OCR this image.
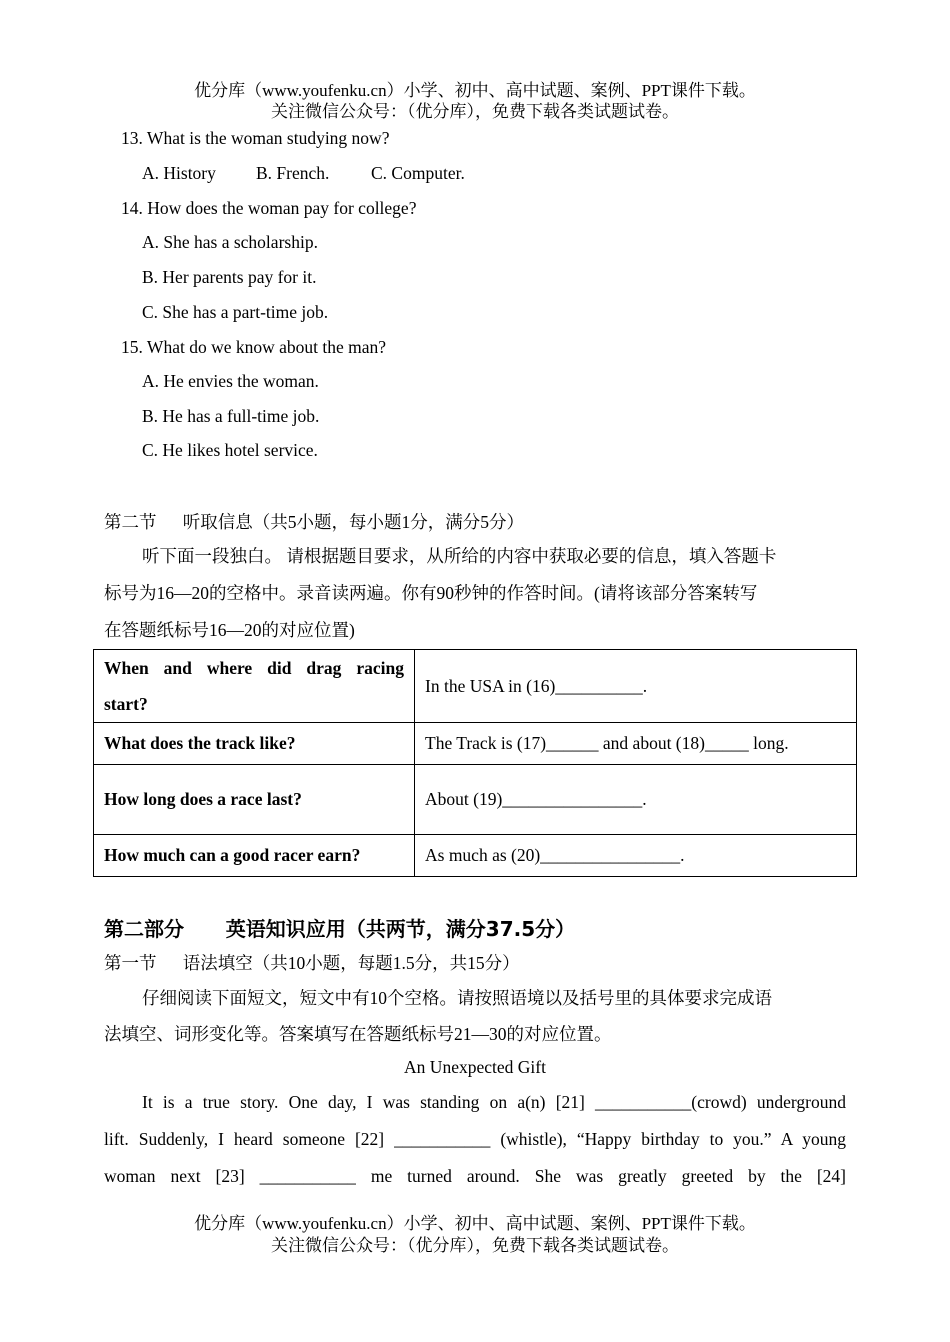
优分库（www.youfenku.cn）小学、初中、高中试题、案例、PPT课件下载。
关注微信公众号：（优分库），免费下载各类试题试卷。
13. What is the woman studying now?
A. History B. French. C. Computer.
14. How does the woman pay for college?
A. She has a scholarship.
B. Her parents pay for it.
C. She has a part-time job.
15. What do we know about the man?
A. He envies the woman.
B. He has a full-time job.
C. He likes hotel service.
第二节      听取信息（共5小题，每小题1分，满分5分）
听下面一段独白。 请根据题目要求，从所给的内容中获取必要的信息，填入答题卡
标号为16—20的空格中。录音读两遍。你有90秒钟的作答时间。(请将该部分答案转写
在答题纸标号16—20的对应位置)
When  and  where  did  drag  racing
start?	In the USA in (16)__________.
What does the track like?	The Track is (17)______ and about (18)_____ long.
How long does a race last?	About (19)________________.
How much can a good racer earn?	As much as (20)________________.
第二部分      英语知识应用（共两节，满分37.5分）
第一节      语法填空（共10小题，每题1.5分，共15分）
仔细阅读下面短文，短文中有10个空格。请按照语境以及括号里的具体要求完成语
法填空、词形变化等。答案填写在答题纸标号21—30的对应位置。
An Unexpected Gift
It is a true story. One day, I was standing on a(n) [21] ___________(crowd) underground
lift. Suddenly, I heard someone [22] ___________ (whistle), “Happy birthday to you.” A young
woman  next  [23]  ___________  me  turned  around.  She  was  greatly  greeted  by  the  [24]
优分库（www.youfenku.cn）小学、初中、高中试题、案例、PPT课件下载。
关注微信公众号：（优分库），免费下载各类试题试卷。
